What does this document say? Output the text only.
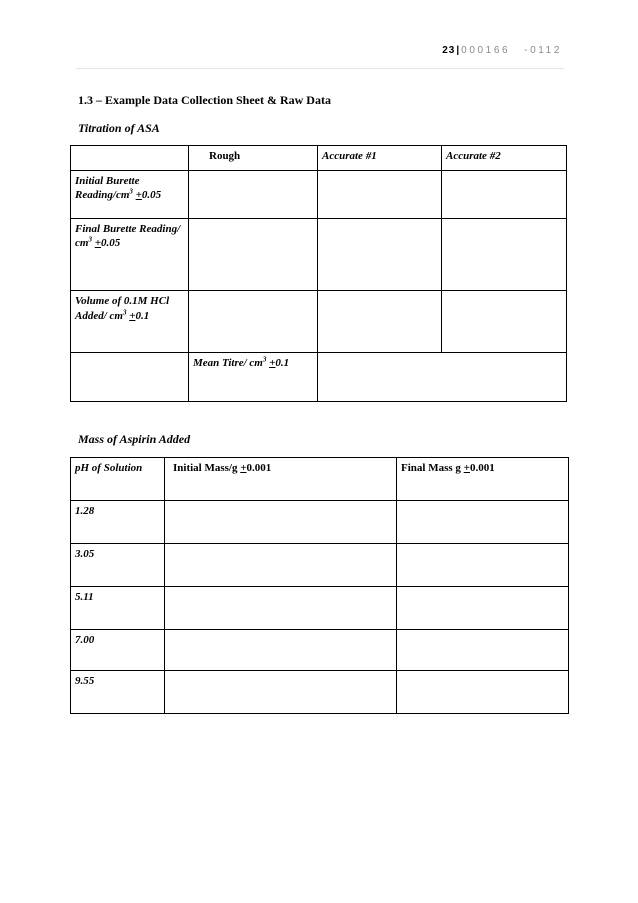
23| 000166 -0112
1.3 – Example Data Collection Sheet & Raw Data
Titration of ASA
	Rough	Accurate #1	Accurate #2
Initial Burette Reading/$cm^3 +0.05$			
Final Burette Reading/ $cm^3 +0.05$			
Volume of 0.1M HCl Added/ $cm^3 +0.1$			
	Mean Titre/ $cm^3 +0.1$		
Mass of Aspirin Added
pH of Solution	Initial Mass/g +0.001	Final Mass g +0.001
1.28		
3.05		
5.11		
7.00		
9.55		
